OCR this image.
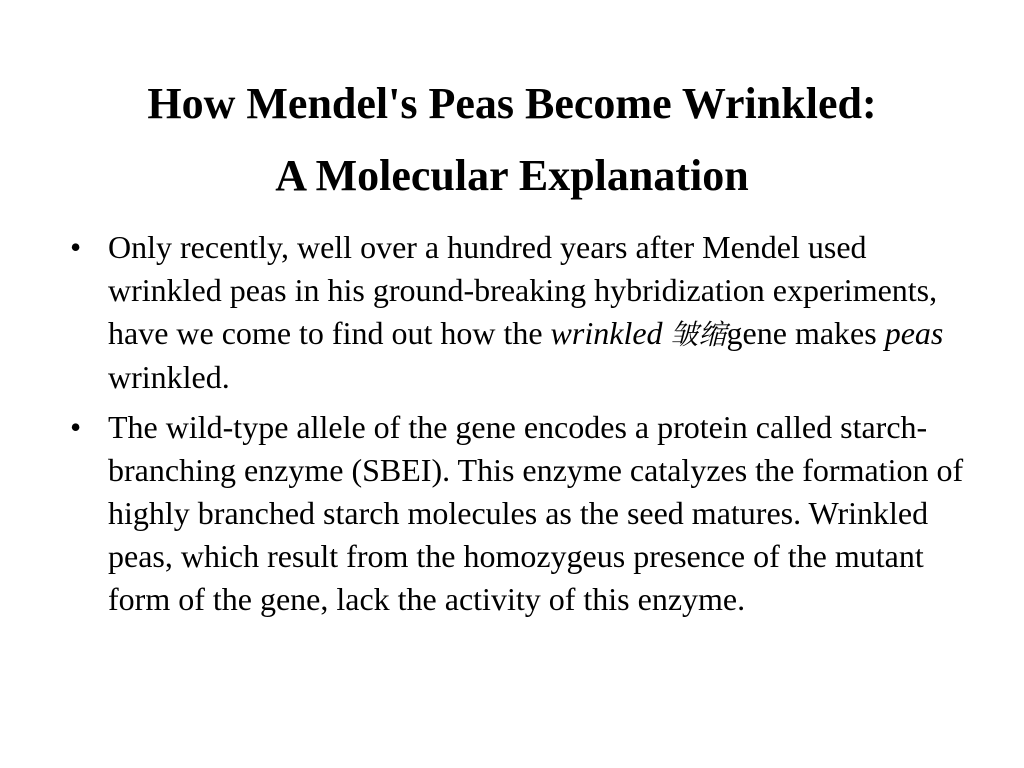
How Mendel's Peas Become Wrinkled:
A Molecular Explanation
• Only recently, well over a hundred years after Mendel used wrinkled peas in his ground-breaking hybridization experiments, have we come to find out how the wrinkled 皱缩gene makes peas wrinkled.
• The wild-type allele of the gene encodes a protein called starch-branching enzyme (SBEI). This enzyme catalyzes the formation of highly branched starch molecules as the seed matures. Wrinkled peas, which result from the homozygeus presence of the mutant form of the gene, lack the activity of this enzyme.
